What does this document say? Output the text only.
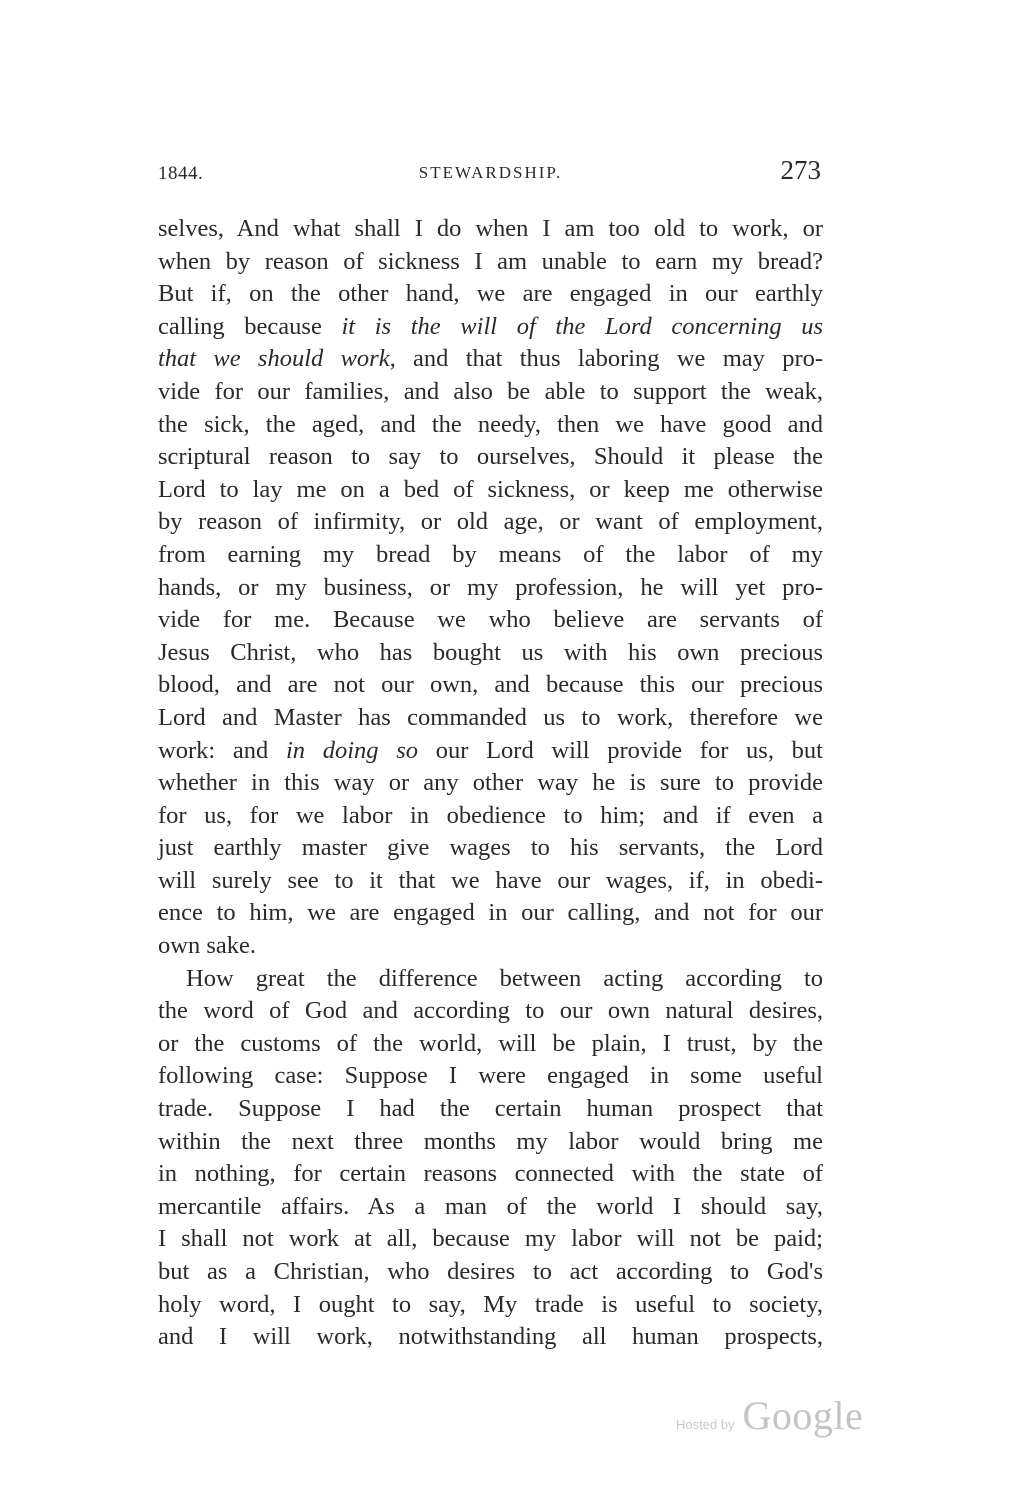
1844.	STEWARDSHIP.	273
selves, And what shall I do when I am too old to work, or
when by reason of sickness I am unable to earn my bread?
But if, on the other hand, we are engaged in our earthly
calling because it is the will of the Lord concerning us
that we should work, and that thus laboring we may pro-
vide for our families, and also be able to support the weak,
the sick, the aged, and the needy, then we have good and
scriptural reason to say to ourselves, Should it please the
Lord to lay me on a bed of sickness, or keep me otherwise
by reason of infirmity, or old age, or want of employment,
from earning my bread by means of the labor of my
hands, or my business, or my profession, he will yet pro-
vide for me. Because we who believe are servants of
Jesus Christ, who has bought us with his own precious
blood, and are not our own, and because this our precious
Lord and Master has commanded us to work, therefore we
work: and in doing so our Lord will provide for us, but
whether in this way or any other way he is sure to provide
for us, for we labor in obedience to him; and if even a
just earthly master give wages to his servants, the Lord
will surely see to it that we have our wages, if, in obedi-
ence to him, we are engaged in our calling, and not for our
own sake.
How great the difference between acting according to
the word of God and according to our own natural desires,
or the customs of the world, will be plain, I trust, by the
following case: Suppose I were engaged in some useful
trade. Suppose I had the certain human prospect that
within the next three months my labor would bring me
in nothing, for certain reasons connected with the state of
mercantile affairs. As a man of the world I should say,
I shall not work at all, because my labor will not be paid;
but as a Christian, who desires to act according to God's
holy word, I ought to say, My trade is useful to society,
and I will work, notwithstanding all human prospects,
Hosted by Google
